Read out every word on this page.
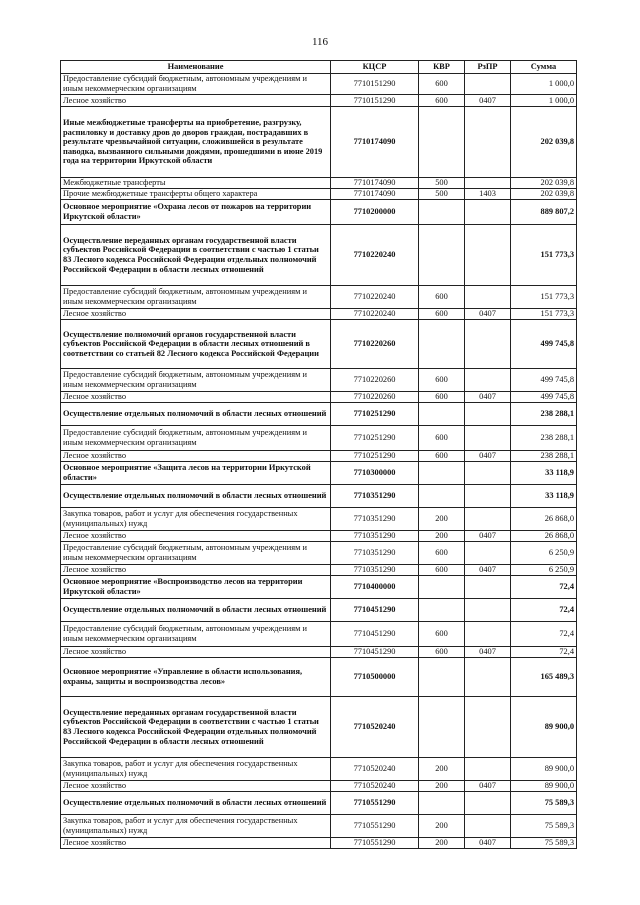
116
Наименование	КЦСР	КВР	РзПР	Сумма
Предоставление субсидий бюджетным, автономным учреждениям и иным некоммерческим организациям	7710151290	600		1 000,0
Лесное хозяйство	7710151290	600	0407	1 000,0
Иные межбюджетные трансферты на приобретение, разгрузку, распиловку и доставку дров до дворов граждан, пострадавших в результате чрезвычайной ситуации, сложившейся в результате паводка, вызванного сильными дождями, прошедшими в июне 2019 года на территории Иркутской области	7710174090			202 039,8
Межбюджетные трансферты	7710174090	500		202 039,8
Прочие межбюджетные трансферты общего характера	7710174090	500	1403	202 039,8
Основное мероприятие «Охрана лесов от пожаров на территории Иркутской области»	7710200000			889 807,2
Осуществление переданных органам государственной власти субъектов Российской Федерации в соответствии с частью 1 статьи 83 Лесного кодекса Российской Федерации отдельных полномочий Российской Федерации в области лесных отношений	7710220240			151 773,3
Предоставление субсидий бюджетным, автономным учреждениям и иным некоммерческим организациям	7710220240	600		151 773,3
Лесное хозяйство	7710220240	600	0407	151 773,3
Осуществление полномочий органов государственной власти субъектов Российской Федерации в области лесных отношений в соответствии со статьей 82 Лесного кодекса Российской Федерации	7710220260			499 745,8
Предоставление субсидий бюджетным, автономным учреждениям и иным некоммерческим организациям	7710220260	600		499 745,8
Лесное хозяйство	7710220260	600	0407	499 745,8
Осуществление отдельных полномочий в области лесных отношений	7710251290			238 288,1
Предоставление субсидий бюджетным, автономным учреждениям и иным некоммерческим организациям	7710251290	600		238 288,1
Лесное хозяйство	7710251290	600	0407	238 288,1
Основное мероприятие «Защита лесов на территории Иркутской области»	7710300000			33 118,9
Осуществление отдельных полномочий в области лесных отношений	7710351290			33 118,9
Закупка товаров, работ и услуг для обеспечения государственных (муниципальных) нужд	7710351290	200		26 868,0
Лесное хозяйство	7710351290	200	0407	26 868,0
Предоставление субсидий бюджетным, автономным учреждениям и иным некоммерческим организациям	7710351290	600		6 250,9
Лесное хозяйство	7710351290	600	0407	6 250,9
Основное мероприятие «Воспроизводство лесов на территории Иркутской области»	7710400000			72,4
Осуществление отдельных полномочий в области лесных отношений	7710451290			72,4
Предоставление субсидий бюджетным, автономным учреждениям и иным некоммерческим организациям	7710451290	600		72,4
Лесное хозяйство	7710451290	600	0407	72,4
Основное мероприятие «Управление в области использования, охраны, защиты и воспроизводства лесов»	7710500000			165 489,3
Осуществление переданных органам государственной власти субъектов Российской Федерации в соответствии с частью 1 статьи 83 Лесного кодекса Российской Федерации отдельных полномочий Российской Федерации в области лесных отношений	7710520240			89 900,0
Закупка товаров, работ и услуг для обеспечения государственных (муниципальных) нужд	7710520240	200		89 900,0
Лесное хозяйство	7710520240	200	0407	89 900,0
Осуществление отдельных полномочий в области лесных отношений	7710551290			75 589,3
Закупка товаров, работ и услуг для обеспечения государственных (муниципальных) нужд	7710551290	200		75 589,3
Лесное хозяйство	7710551290	200	0407	75 589,3
